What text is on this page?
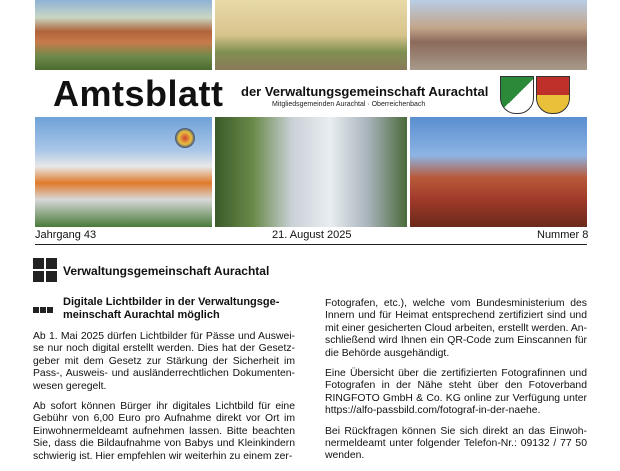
Amtsblatt der Verwaltungsgemeinschaft Aurachtal
Mitgliedsgemeinden Aurachtal · Oberreichenbach
Jahrgang 43	21. August 2025	Nummer 8
Verwaltungsgemeinschaft Aurachtal
Digitale Lichtbilder in der Verwaltungsge-
meinschaft Aurachtal möglich

Ab 1. Mai 2025 dürfen Lichtbilder für Pässe und Auswei- se nur noch digital erstellt werden. Dies hat der Gesetz- geber mit dem Gesetz zur Stärkung der Sicherheit im Pass-, Ausweis- und ausländerrechtlichen Dokumenten- wesen geregelt.

Ab sofort können Bürger ihr digitales Lichtbild für eine Gebühr von 6,00 Euro pro Aufnahme direkt vor Ort im Einwohnermeldeamt aufnehmen lassen. Bitte beachten Sie, dass die Bildaufnahme von Babys und Kleinkindern schwierig ist. Hier empfehlen wir weiterhin zu einem zer-

Fotografen, etc.), welche vom Bundesministerium des Innern und für Heimat entsprechend zertifiziert sind und mit einer gesicherten Cloud arbeiten, erstellt werden. An- schließend wird Ihnen ein QR-Code zum Einscannen für die Behörde ausgehändigt.

Eine Übersicht über die zertifizierten Fotografinnen und Fotografen in der Nähe steht über den Fotoverband RINGFOTO GmbH & Co. KG online zur Verfügung unter https://alfo-passbild.com/fotograf-in-der-naehe.

Bei Rückfragen können Sie sich direkt an das Einwoh- nermeldeamt unter folgender Telefon-Nr.: 09132 / 77 50 wenden.
